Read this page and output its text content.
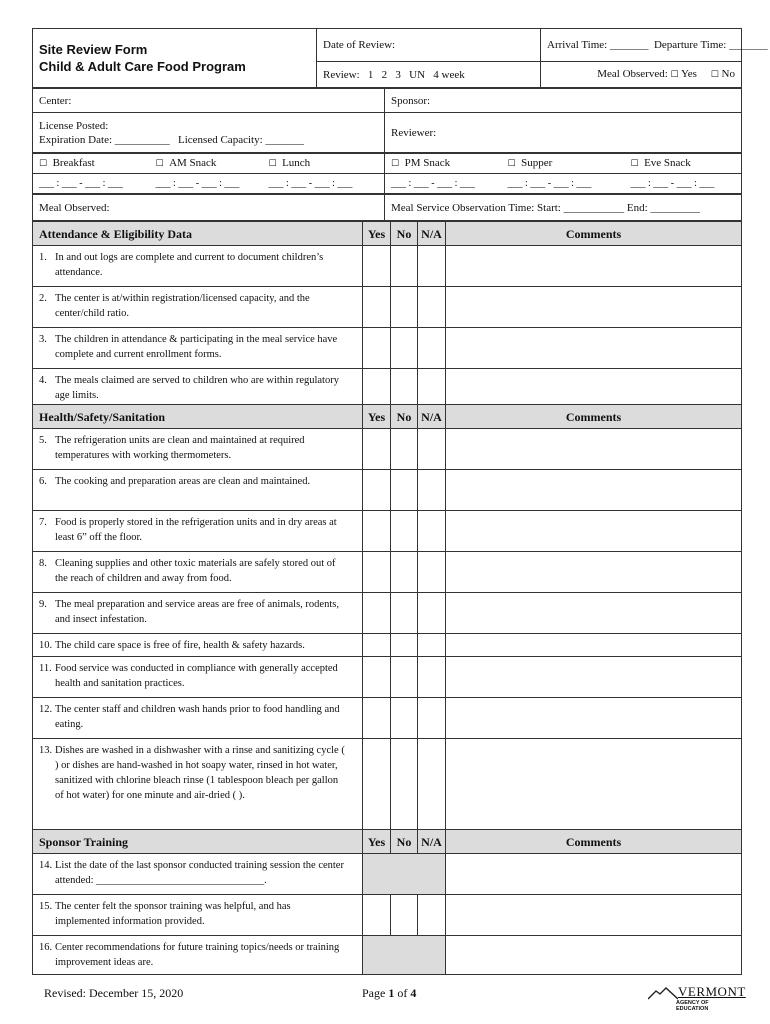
Site Review Form
Child & Adult Care Food Program	Date of Review:	Arrival Time: _______ Departure Time: _______
	Review: 1   2   3   UN   4 week	Meal Observed: ☐ Yes ☐ No
Center:	Sponsor:

License Posted:
Expiration Date: __________ Licensed Capacity: _______	Reviewer:
☐ Breakfast	☐ AM Snack	☐ Lunch	☐ PM Snack	☐ Supper	☐ Eve Snack
___ : ___ - ___ : ___	___ : ___ - ___ : ___	___ : ___ - ___ : ___	___ : ___ - ___ : ___	___ : ___ - ___ : ___	___ : ___ - ___ : ___
Meal Observed:	Meal Service Observation Time: Start: ___________ End: _________
Attendance & Eligibility Data	Yes	No	N/A	Comments
1. In and out logs are complete and current to document children’s attendance.				
2. The center is at/within registration/licensed capacity, and the center/child ratio.				
3. The children in attendance & participating in the meal service have complete and current enrollment forms.				
4. The meals claimed are served to children who are within regulatory age limits.				
Health/Safety/Sanitation	Yes	No	N/A	Comments
5. The refrigeration units are clean and maintained at required temperatures with working thermometers.				
6. The cooking and preparation areas are clean and maintained.				
7. Food is properly stored in the refrigeration units and in dry areas at least 6” off the floor.				
8. Cleaning supplies and other toxic materials are safely stored out of the reach of children and away from food.				
9. The meal preparation and service areas are free of animals, rodents, and insect infestation.				
10. The child care space is free of fire, health & safety hazards.				
11. Food service was conducted in compliance with generally accepted health and sanitation practices.				
12. The center staff and children wash hands prior to food handling and eating.				
13. Dishes are washed in a dishwasher with a rinse and sanitizing cycle ( ) or dishes are hand-washed in hot soapy water, rinsed in hot water, sanitized with chlorine bleach rinse (1 tablespoon bleach per gallon of hot water) for one minute and air-dried ( ).				
Sponsor Training	Yes	No	N/A	Comments
14. List the date of the last sponsor conducted training session the center attended: ________________________________.				
15. The center felt the sponsor training was helpful, and has implemented information provided.				
16. Center recommendations for future training topics/needs or training improvement ideas are.				
Revised: December 15, 2020	Page 1 of 4	VERMONT
AGENCY OF EDUCATION
